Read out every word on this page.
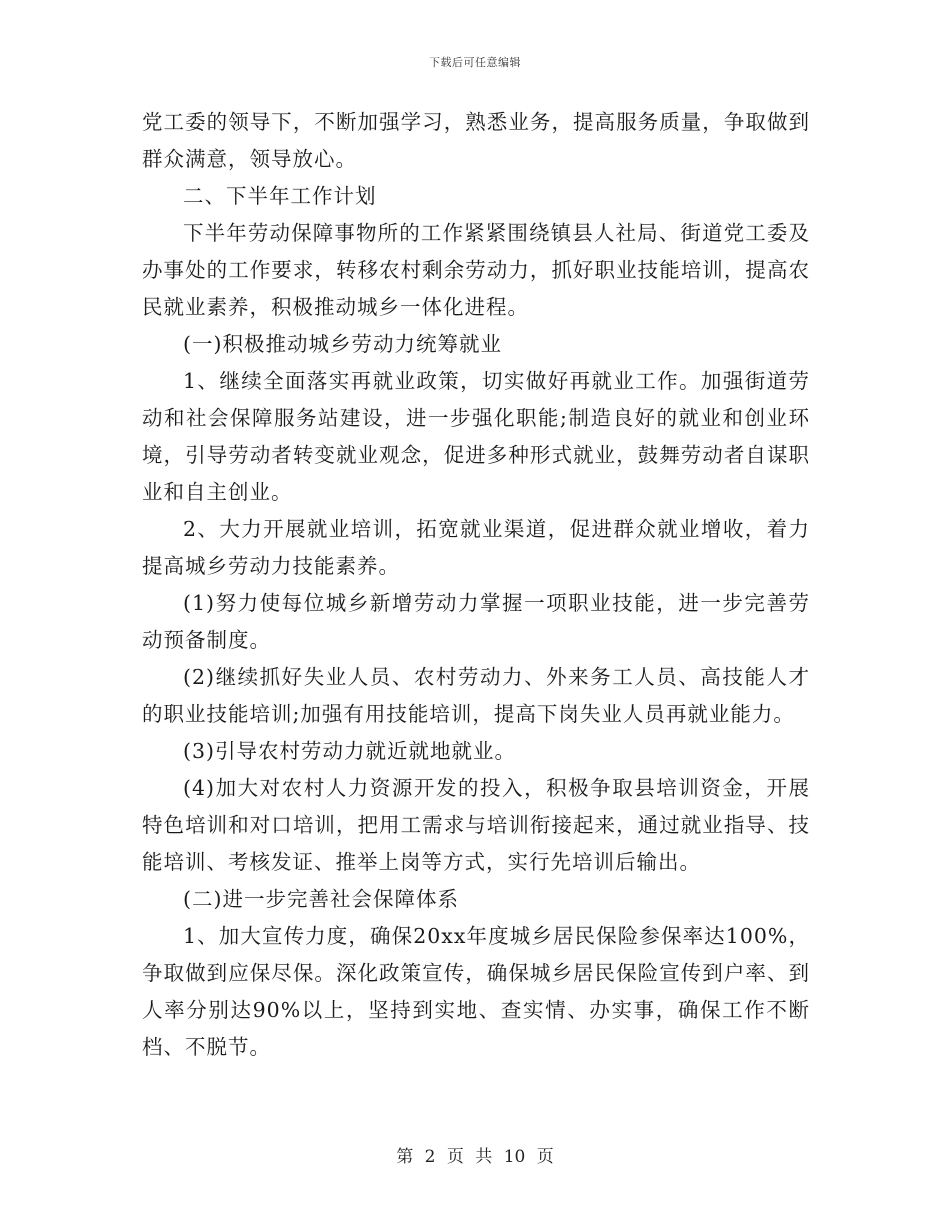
下载后可任意编辑

党工委的领导下，不断加强学习，熟悉业务，提高服务质量，争取做到群众满意，领导放心。

二、下半年工作计划

下半年劳动保障事物所的工作紧紧围绕镇县人社局、街道党工委及办事处的工作要求，转移农村剩余劳动力，抓好职业技能培训，提高农民就业素养，积极推动城乡一体化进程。

(一)积极推动城乡劳动力统筹就业

1、继续全面落实再就业政策，切实做好再就业工作。加强街道劳动和社会保障服务站建设，进一步强化职能;制造良好的就业和创业环境，引导劳动者转变就业观念，促进多种形式就业，鼓舞劳动者自谋职业和自主创业。

2、大力开展就业培训，拓宽就业渠道，促进群众就业增收，着力提高城乡劳动力技能素养。

(1)努力使每位城乡新增劳动力掌握一项职业技能，进一步完善劳动预备制度。

(2)继续抓好失业人员、农村劳动力、外来务工人员、高技能人才的职业技能培训;加强有用技能培训，提高下岗失业人员再就业能力。

(3)引导农村劳动力就近就地就业。

(4)加大对农村人力资源开发的投入，积极争取县培训资金，开展特色培训和对口培训，把用工需求与培训衔接起来，通过就业指导、技能培训、考核发证、推举上岗等方式，实行先培训后输出。

(二)进一步完善社会保障体系

1、加大宣传力度，确保20xx年度城乡居民保险参保率达100%，争取做到应保尽保。深化政策宣传，确保城乡居民保险宣传到户率、到人率分别达90%以上，坚持到实地、查实情、办实事，确保工作不断档、不脱节。

第 2 页 共 10 页
